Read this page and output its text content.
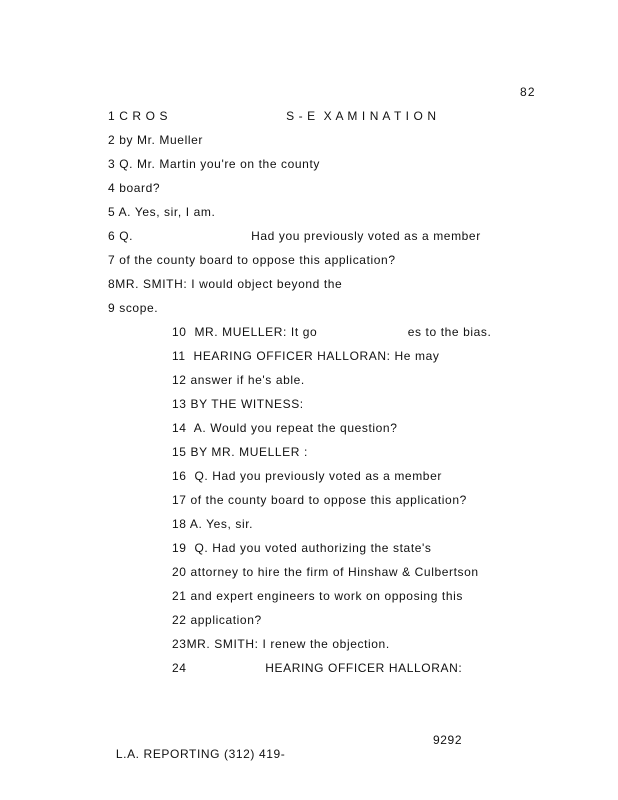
82
1 C R O S                              S - E  X A M I N A T I O N
2 by Mr. Mueller
3 Q. Mr. Martin you're on the county
4 board?
5 A. Yes, sir, I am.
6 Q.                              Had you previously voted as a member
7 of the county board to oppose this application?
8MR. SMITH: I would object beyond the
9 scope.
10 MR. MUELLER: It go                       es to the bias.
11 HEARING OFFICER HALLORAN: He may
12 answer if he's able.
13 BY THE WITNESS:
14 A. Would you repeat the question?
15 BY MR. MUELLER :
16 Q. Had you previously voted as a member
17 of the county board to oppose this application?
18 A. Yes, sir.
19 Q. Had you voted authorizing the state's
20 attorney to hire the firm of Hinshaw & Culbertson
21 and expert engineers to work on opposing this
22 application?
23MR. SMITH: I renew the objection.
24                    HEARING OFFICER HALLORAN:

L.A. REPORTING (312) 419-

9292
